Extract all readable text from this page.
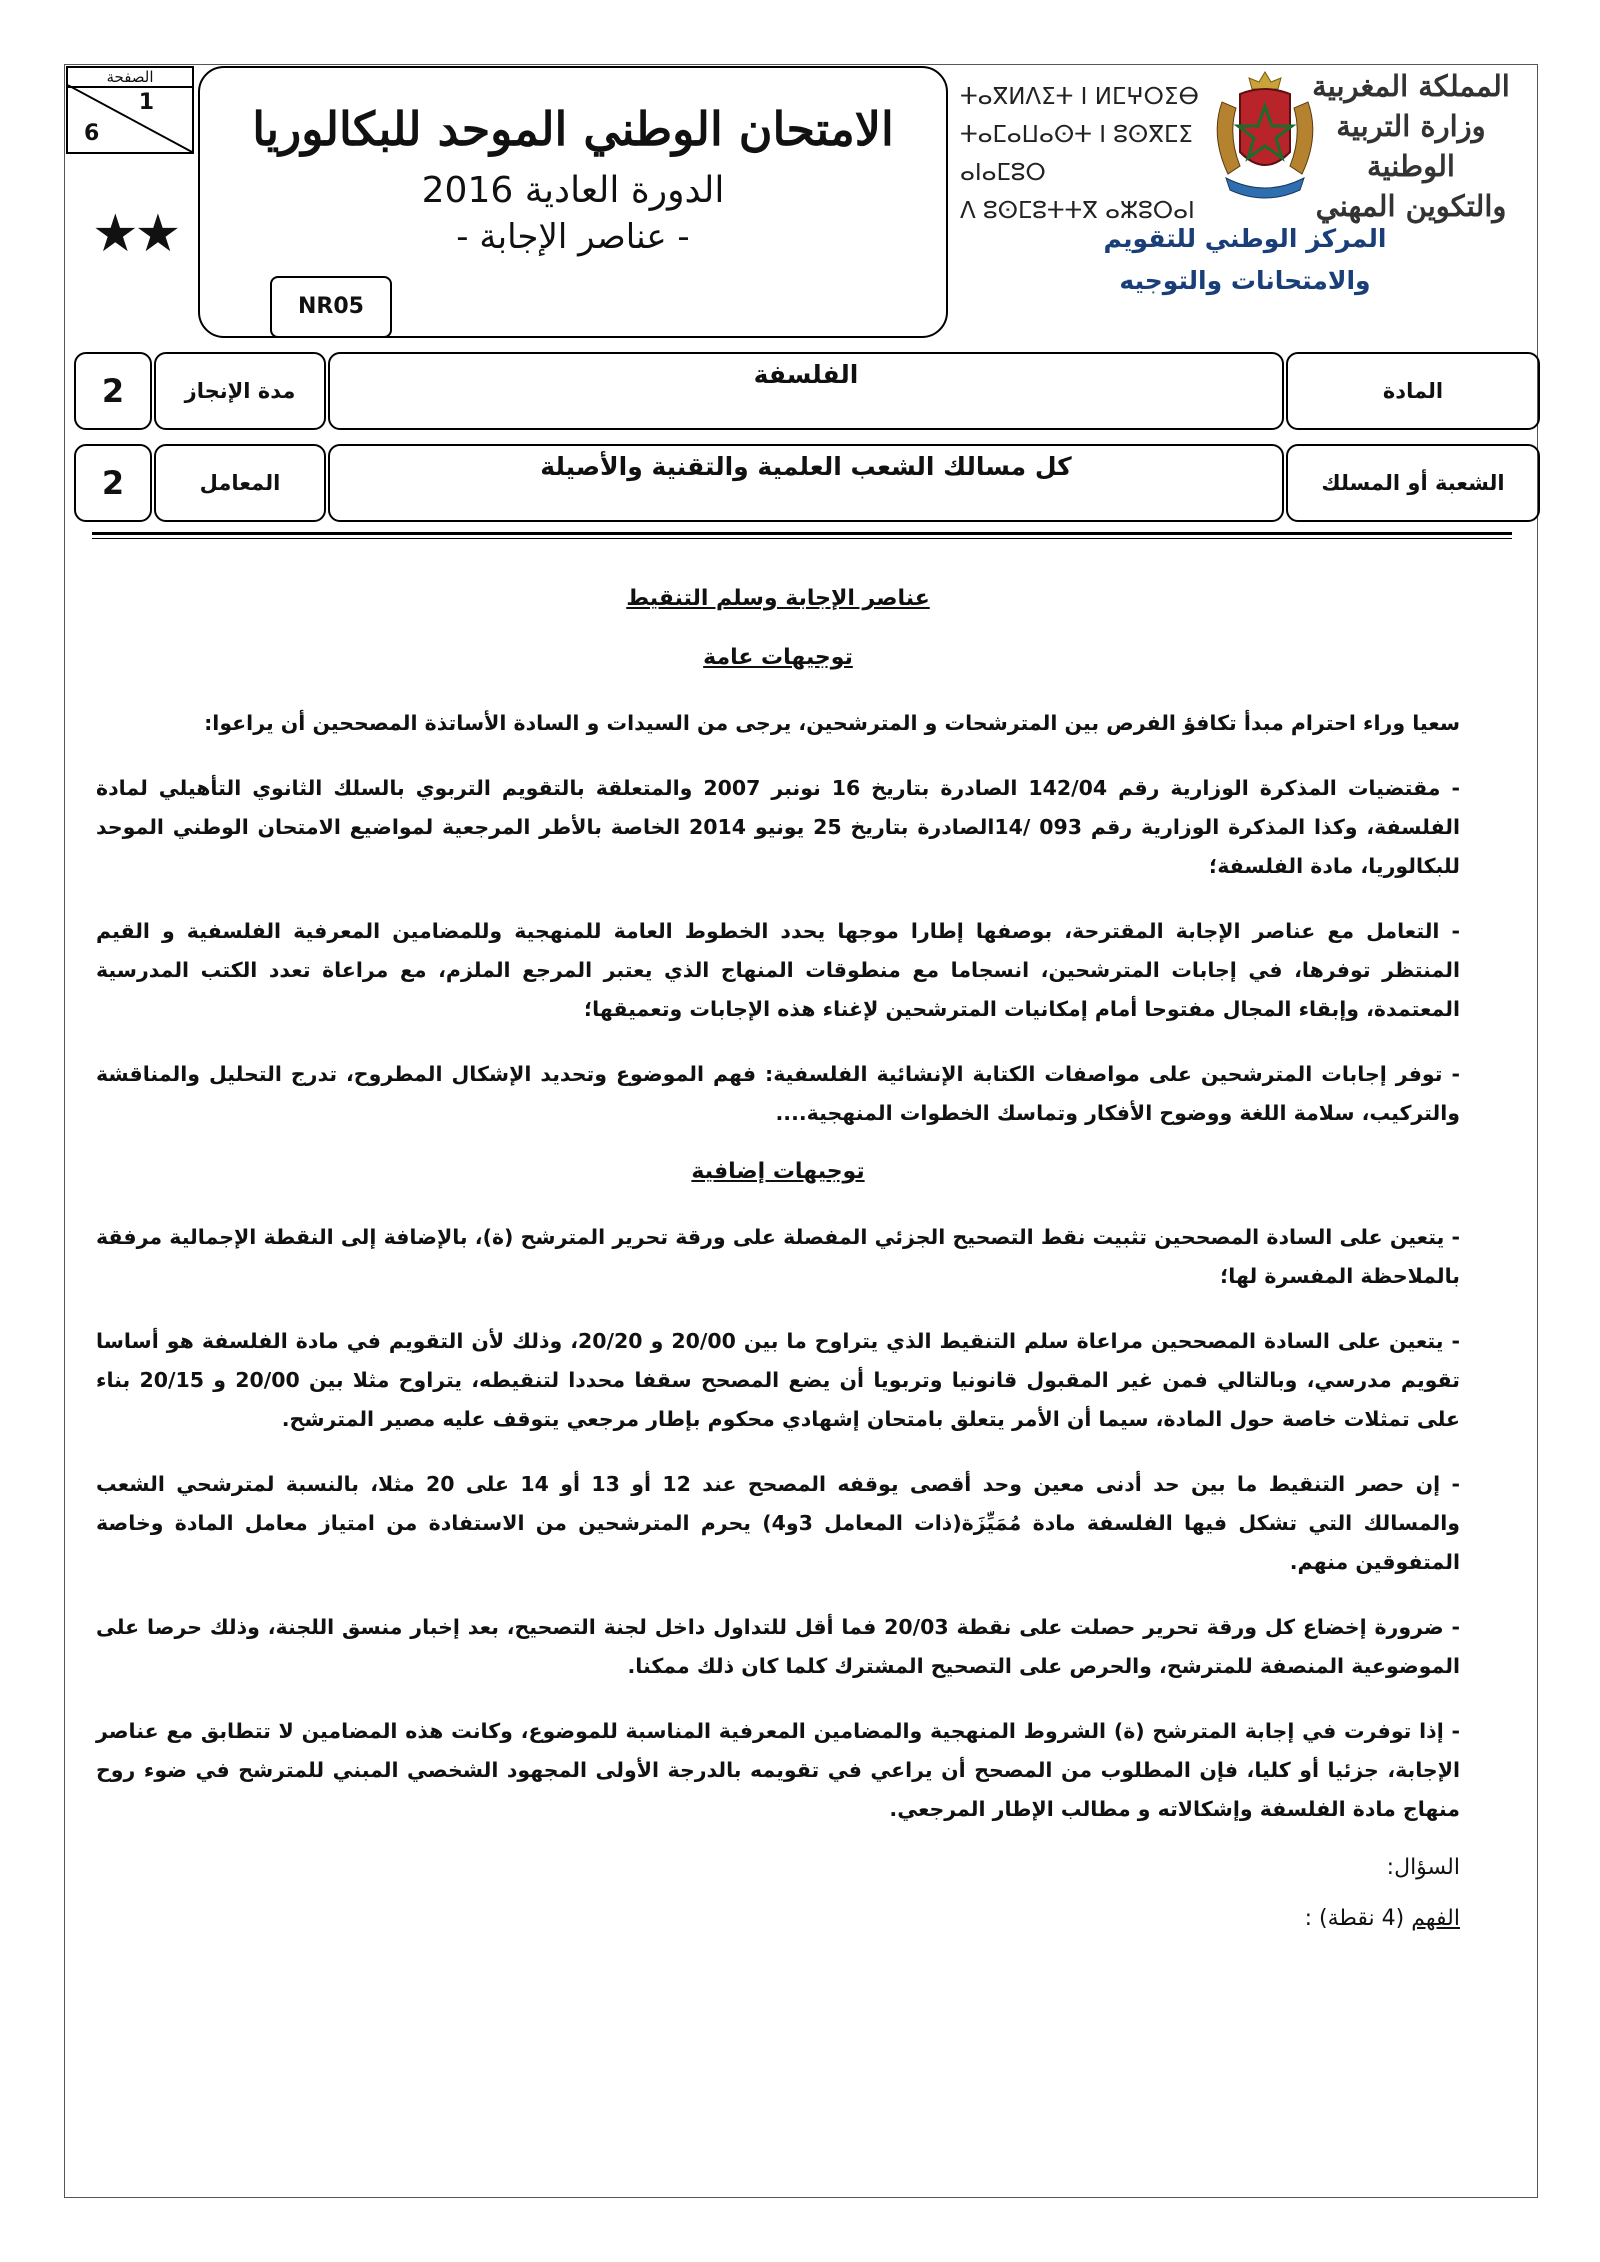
الصفحة
1
6
★★
الامتحان الوطني الموحد للبكالوريا
الدورة العادية 2016
- عناصر الإجابة -
NR05
ⵜⴰⴳⵍⴷⵉⵜ ⵏ ⵍⵎⵖⵔⵉⴱ
ⵜⴰⵎⴰⵡⴰⵙⵜ ⵏ ⵓⵙⴳⵎⵉ ⴰⵏⴰⵎⵓⵔ
ⴷ ⵓⵙⵎⵓⵜⵜⴳ ⴰⵣⵓⵔⴰⵏ
المملكة المغربية
وزارة التربية الوطنية
والتكوين المهني
المركز الوطني للتقويم
والامتحانات والتوجيه
2	مدة الإنجاز
الفلسفة
المادة
2	المعامل
كل مسالك الشعب العلمية والتقنية والأصيلة
الشعبة أو المسلك
عناصر الإجابة وسلم التنقيط
توجيهات عامة

سعيا وراء احترام مبدأ تكافؤ الفرص بين المترشحات و المترشحين، يرجى من السيدات و السادة الأساتذة المصححين أن يراعوا:

- مقتضيات المذكرة الوزارية رقم 142/04 الصادرة بتاريخ 16 نونبر 2007 والمتعلقة بالتقويم التربوي بالسلك الثانوي التأهيلي لمادة الفلسفة، وكذا المذكرة الوزارية رقم 093 /14الصادرة بتاريخ 25 يونيو 2014 الخاصة بالأطر المرجعية لمواضيع الامتحان الوطني الموحد للبكالوريا، مادة الفلسفة؛

- التعامل مع عناصر الإجابة المقترحة، بوصفها إطارا موجها يحدد الخطوط العامة للمنهجية وللمضامين المعرفية الفلسفية و القيم المنتظر توفرها، في إجابات المترشحين، انسجاما مع منطوقات المنهاج الذي يعتبر المرجع الملزم، مع مراعاة تعدد الكتب المدرسية المعتمدة، وإبقاء المجال مفتوحا أمام إمكانيات المترشحين لإغناء هذه الإجابات وتعميقها؛

- توفر إجابات المترشحين على مواصفات الكتابة الإنشائية الفلسفية: فهم الموضوع وتحديد الإشكال المطروح، تدرج التحليل والمناقشة والتركيب، سلامة اللغة ووضوح الأفكار وتماسك الخطوات المنهجية....

توجيهات إضافية

- يتعين على السادة المصححين تثبيت نقط التصحيح الجزئي المفصلة على ورقة تحرير المترشح (ة)، بالإضافة إلى النقطة الإجمالية مرفقة بالملاحظة المفسرة لها؛

- يتعين على السادة المصححين مراعاة سلم التنقيط الذي يتراوح ما بين 20/00 و 20/20، وذلك لأن التقويم في مادة الفلسفة هو أساسا تقويم مدرسي، وبالتالي فمن غير المقبول قانونيا وتربويا أن يضع المصحح سقفا محددا لتنقيطه، يتراوح مثلا بين 20/00 و 20/15 بناء على تمثلات خاصة حول المادة، سيما أن الأمر يتعلق بامتحان إشهادي محكوم بإطار مرجعي يتوقف عليه مصير المترشح.

- إن حصر التنقيط ما بين حد أدنى معين وحد أقصى يوقفه المصحح عند 12 أو 13 أو 14 على 20 مثلا، بالنسبة لمترشحي الشعب والمسالك التي تشكل فيها الفلسفة مادة مُمَيِّزَة(ذات المعامل 3و4) يحرم المترشحين من الاستفادة من امتياز معامل المادة وخاصة المتفوقين منهم.

- ضرورة إخضاع كل ورقة تحرير حصلت على نقطة 20/03 فما أقل للتداول داخل لجنة التصحيح، بعد إخبار منسق اللجنة، وذلك حرصا على الموضوعية المنصفة للمترشح، والحرص على التصحيح المشترك كلما كان ذلك ممكنا.

- إذا توفرت في إجابة المترشح (ة) الشروط المنهجية والمضامين المعرفية المناسبة للموضوع، وكانت هذه المضامين لا تتطابق مع عناصر الإجابة، جزئيا أو كليا، فإن المطلوب من المصحح أن يراعي في تقويمه بالدرجة الأولى المجهود الشخصي المبني للمترشح في ضوء روح منهاج مادة الفلسفة وإشكالاته و مطالب الإطار المرجعي.

السؤال:
الفهم (4 نقطة) :
